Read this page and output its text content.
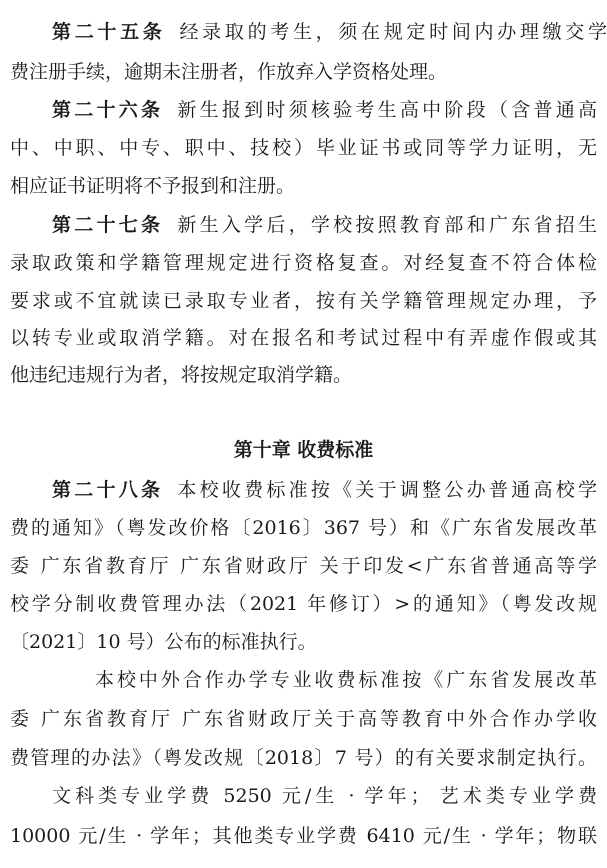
第二十五条 经录取的考生，须在规定时间内办理缴交学
费注册手续，逾期未注册者，作放弃入学资格处理。
第二十六条 新生报到时须核验考生高中阶段（含普通高
中、中职、中专、职中、技校）毕业证书或同等学力证明，无
相应证书证明将不予报到和注册。
第二十七条 新生入学后，学校按照教育部和广东省招生
录取政策和学籍管理规定进行资格复查。对经复查不符合体检
要求或不宜就读已录取专业者，按有关学籍管理规定办理，予
以转专业或取消学籍。对在报名和考试过程中有弄虚作假或其
他违纪违规行为者，将按规定取消学籍。
第十章 收费标准
第二十八条 本校收费标准按《关于调整公办普通高校学
费的通知》（粤发改价格〔2016〕367 号）和《广东省发展改革
委 广东省教育厅 广东省财政厅 关于印发<广东省普通高等学
校学分制收费管理办法（2021 年修订）>的通知》（粤发改规
〔2021〕10 号）公布的标准执行。
本校中外合作办学专业收费标准按《广东省发展改革
委 广东省教育厅 广东省财政厅关于高等教育中外合作办学收
费管理的办法》（粤发改规〔2018〕7 号）的有关要求制定执行。
文科类专业学费 5250 元/生 · 学年； 艺术类专业学费
10000 元/生 · 学年；其他类专业学费 6410 元/生 · 学年；物联
